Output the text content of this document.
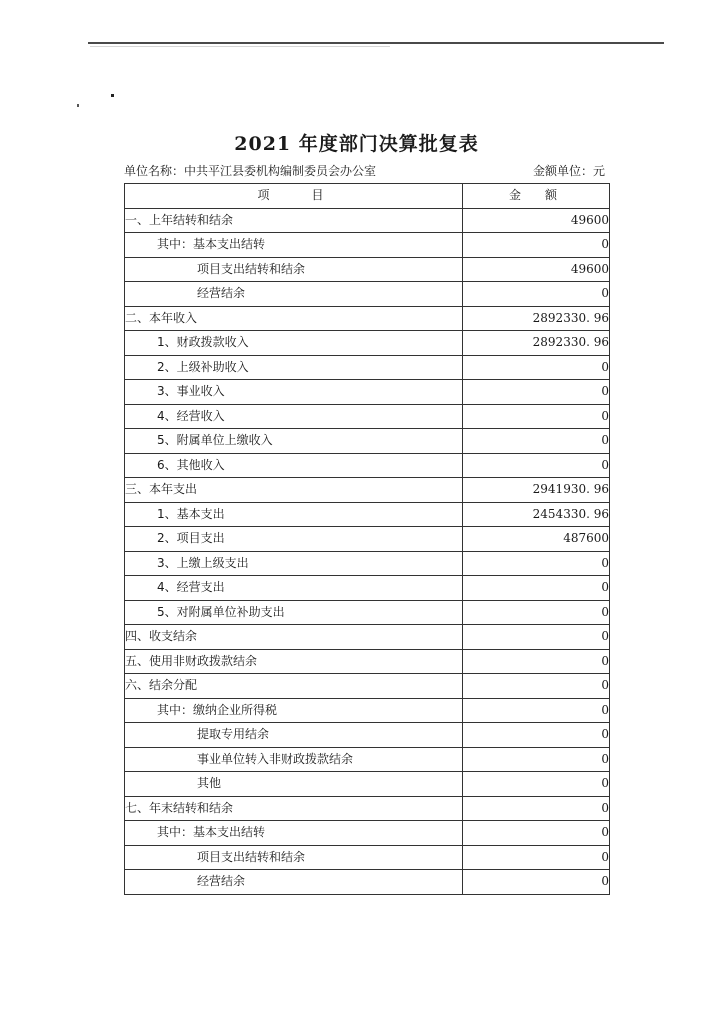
2021 年度部门决算批复表
单位名称：中共平江县委机构编制委员会办公室	金额单位：元
项　　目	金　额
一、上年结转和结余	49600
其中：基本支出结转	0
项目支出结转和结余	49600
经营结余	0
二、本年收入	2892330. 96
1、财政拨款收入	2892330. 96
2、上级补助收入	0
3、事业收入	0
4、经营收入	0
5、附属单位上缴收入	0
6、其他收入	0
三、本年支出	2941930. 96
1、基本支出	2454330. 96
2、项目支出	487600
3、上缴上级支出	0
4、经营支出	0
5、对附属单位补助支出	0
四、收支结余	0
五、使用非财政拨款结余	0
六、结余分配	0
其中：缴纳企业所得税	0
提取专用结余	0
事业单位转入非财政拨款结余	0
其他	0
七、年末结转和结余	0
其中：基本支出结转	0
项目支出结转和结余	0
经营结余	0
